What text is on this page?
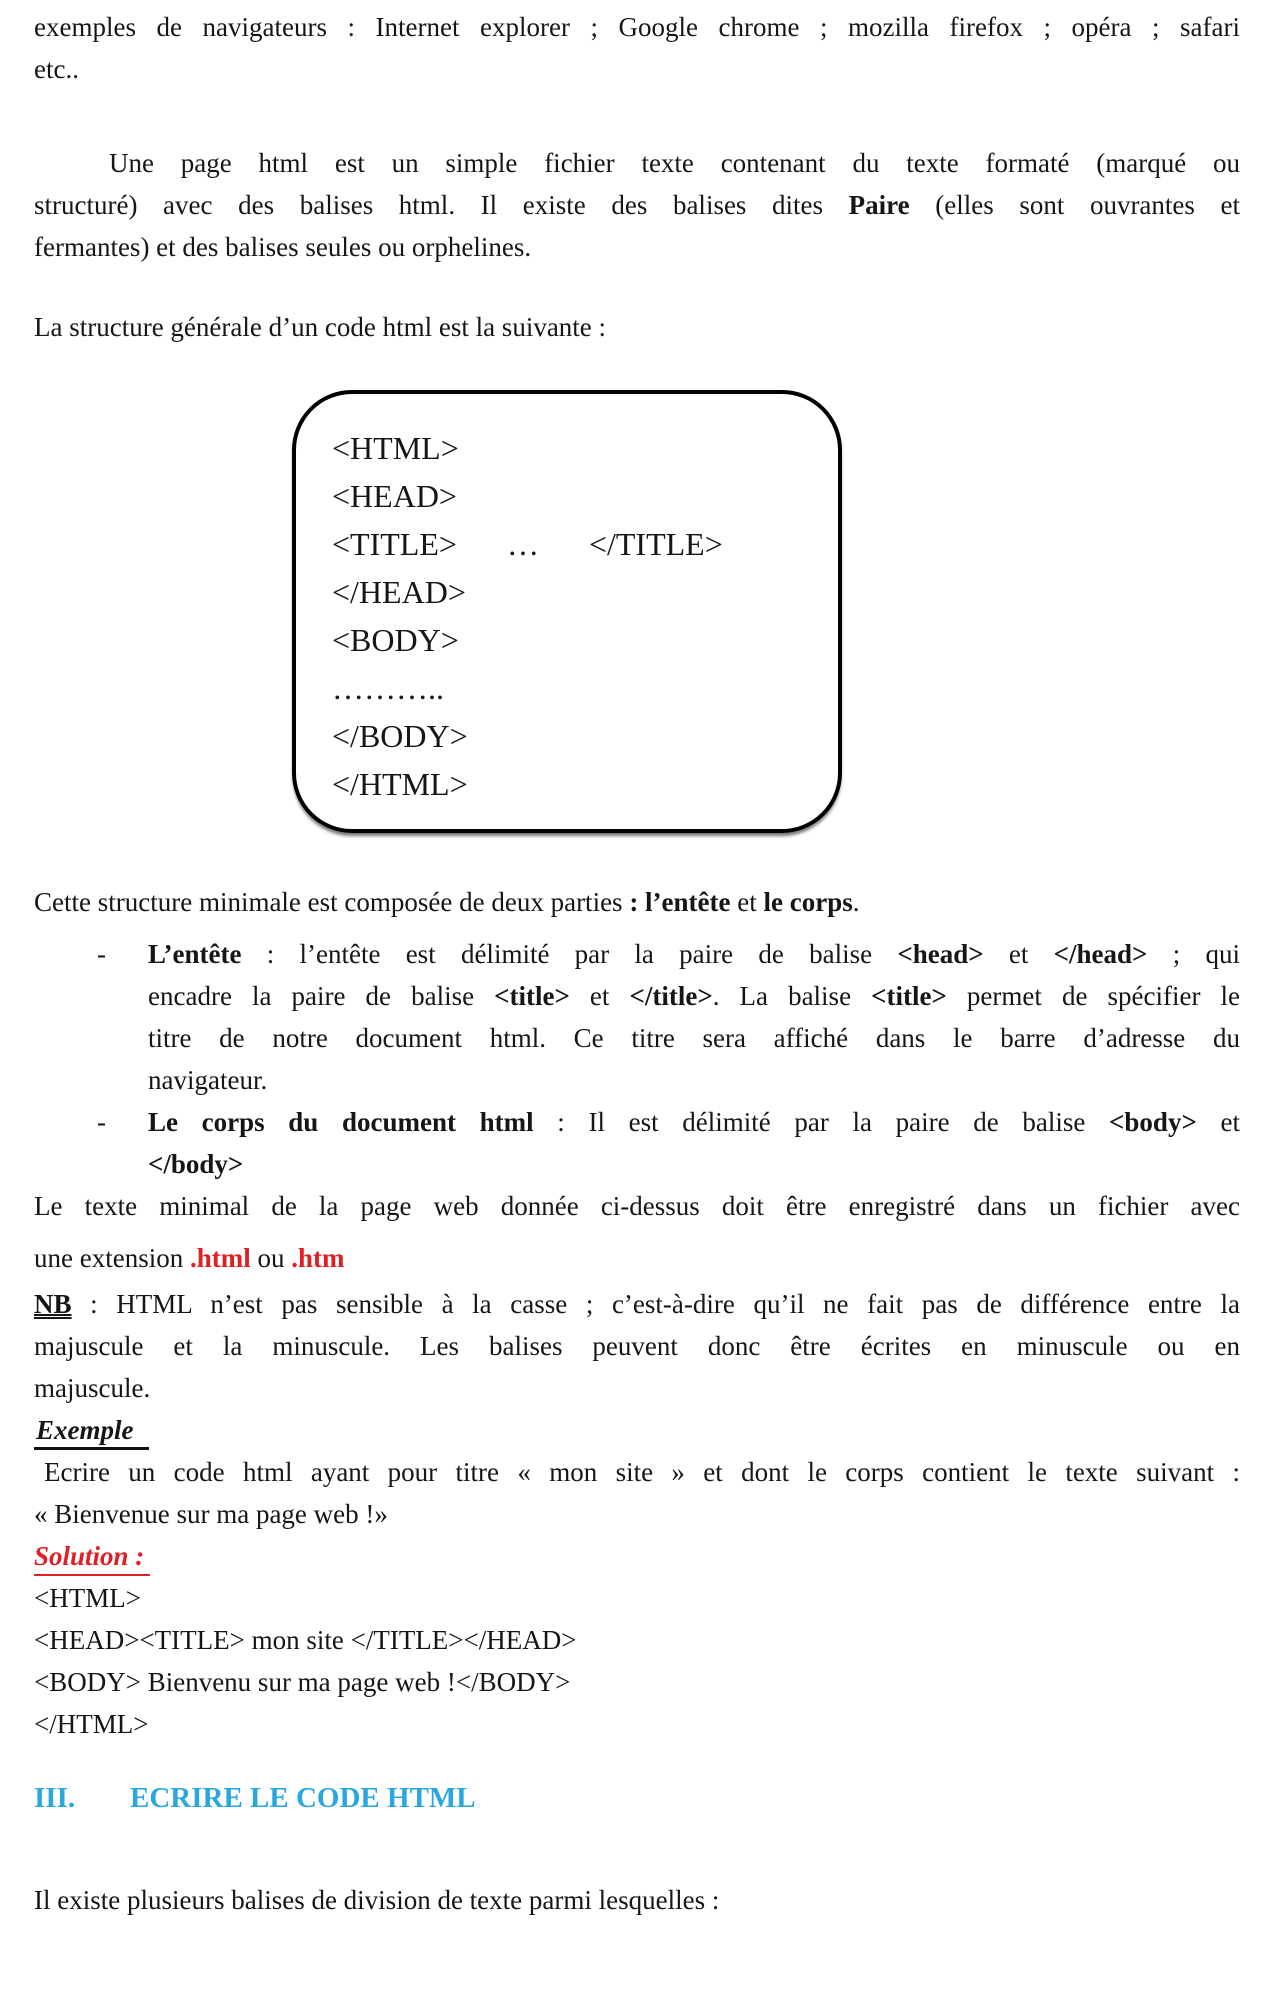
exemples de navigateurs : Internet explorer ; Google chrome ; mozilla firefox ; opéra ; safari
etc..
Une page html est un simple fichier texte contenant du texte formaté (marqué ou
structuré) avec des balises html. Il existe des balises dites Paire (elles sont ouvrantes et
fermantes) et des balises seules ou orphelines.
La structure générale d’un code html est la suivante :
<HTML>
<HEAD>
<TITLE> … </TITLE>
</HEAD>
<BODY>
………..
</BODY>
</HTML>
Cette structure minimale est composée de deux parties : l’entête et le corps.
- L’entête : l’entête est délimité par la paire de balise <head> et </head> ; qui
encadre la paire de balise <title> et </title>. La balise <title> permet de spécifier le
titre de notre document html. Ce titre sera affiché dans le barre d’adresse du
navigateur.
- Le corps du document html : Il est délimité par la paire de balise <body> et
</body>
Le texte minimal de la page web donnée ci-dessus doit être enregistré dans un fichier avec
une extension .html ou .htm
NB : HTML n’est pas sensible à la casse ; c’est-à-dire qu’il ne fait pas de différence entre la
majuscule et la minuscule. Les balises peuvent donc être écrites en minuscule ou en
majuscule.
Exemple
Ecrire un code html ayant pour titre « mon site » et dont le corps contient le texte suivant :
« Bienvenue sur ma page web !»
Solution :
<HTML>
<HEAD><TITLE> mon site </TITLE></HEAD>
<BODY> Bienvenu sur ma page web !</BODY>
</HTML>
III. ECRIRE LE CODE HTML
Il existe plusieurs balises de division de texte parmi lesquelles :
